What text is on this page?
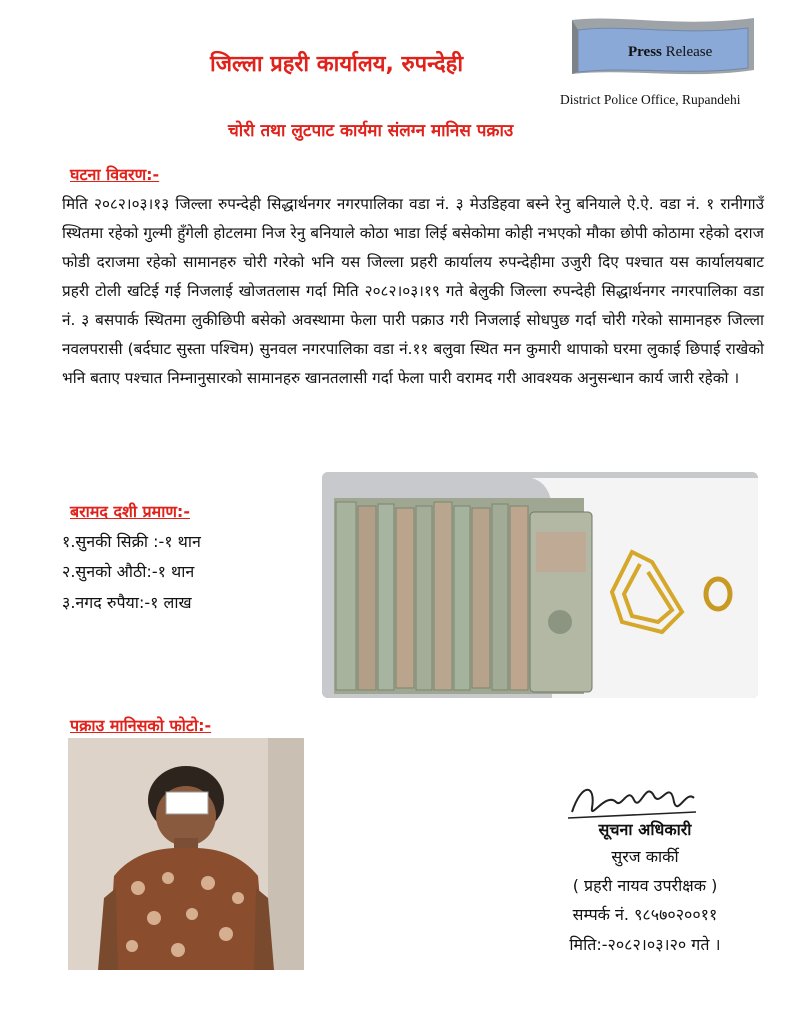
जिल्ला प्रहरी कार्यालय, रुपन्देही	Press Release
District Police Office, Rupandehi
चोरी तथा लुटपाट कार्यमा संलग्न मानिस पक्राउ
घटना विवरण:-

मिति २०८२।०३।१३ जिल्ला रुपन्देही सिद्धार्थनगर नगरपालिका वडा नं. ३ मेउडिहवा बस्ने रेनु बनियाले ऐ.ऐ. वडा नं. १ रानीगाउँ स्थितमा रहेको गुल्मी हुँगेली होटलमा निज रेनु बनियाले कोठा भाडा लिई बसेकोमा कोही नभएको मौका छोपी कोठामा रहेको दराज फोडी दराजमा रहेको सामानहरु चोरी गरेको भनि यस जिल्ला प्रहरी कार्यालय रुपन्देहीमा उजुरी दिए पश्चात यस कार्यालयबाट प्रहरी टोली खटिई गई निजलाई खोजतलास गर्दा मिति २०८२।०३।१९ गते बेलुकी जिल्ला रुपन्देही सिद्धार्थनगर नगरपालिका वडा नं. ३ बसपार्क स्थितमा लुकीछिपी बसेको अवस्थामा फेला पारी पक्राउ गरी निजलाई सोधपुछ गर्दा चोरी गरेको सामानहरु जिल्ला नवलपरासी (बर्दघाट सुस्ता पश्चिम) सुनवल नगरपालिका वडा नं.११ बलुवा स्थित मन कुमारी थापाको घरमा लुकाई छिपाई राखेको भनि बताए पश्चात निम्नानुसारको सामानहरु खानतलासी गर्दा फेला पारी वरामद गरी आवश्यक अनुसन्धान कार्य जारी रहेको ।

बरामद दशी प्रमाण:-
१.सुनकी सिक्री :-१ थान
२.सुनको औठी:-१ थान
३.नगद रुपैया:-१ लाख
पक्राउ मानिसको फोटो:-
सूचना अधिकारी
सुरज कार्की
( प्रहरी नायव उपरीक्षक )
सम्पर्क नं. ९८५७०२००११
मिति:-२०८२।०३।२० गते ।
